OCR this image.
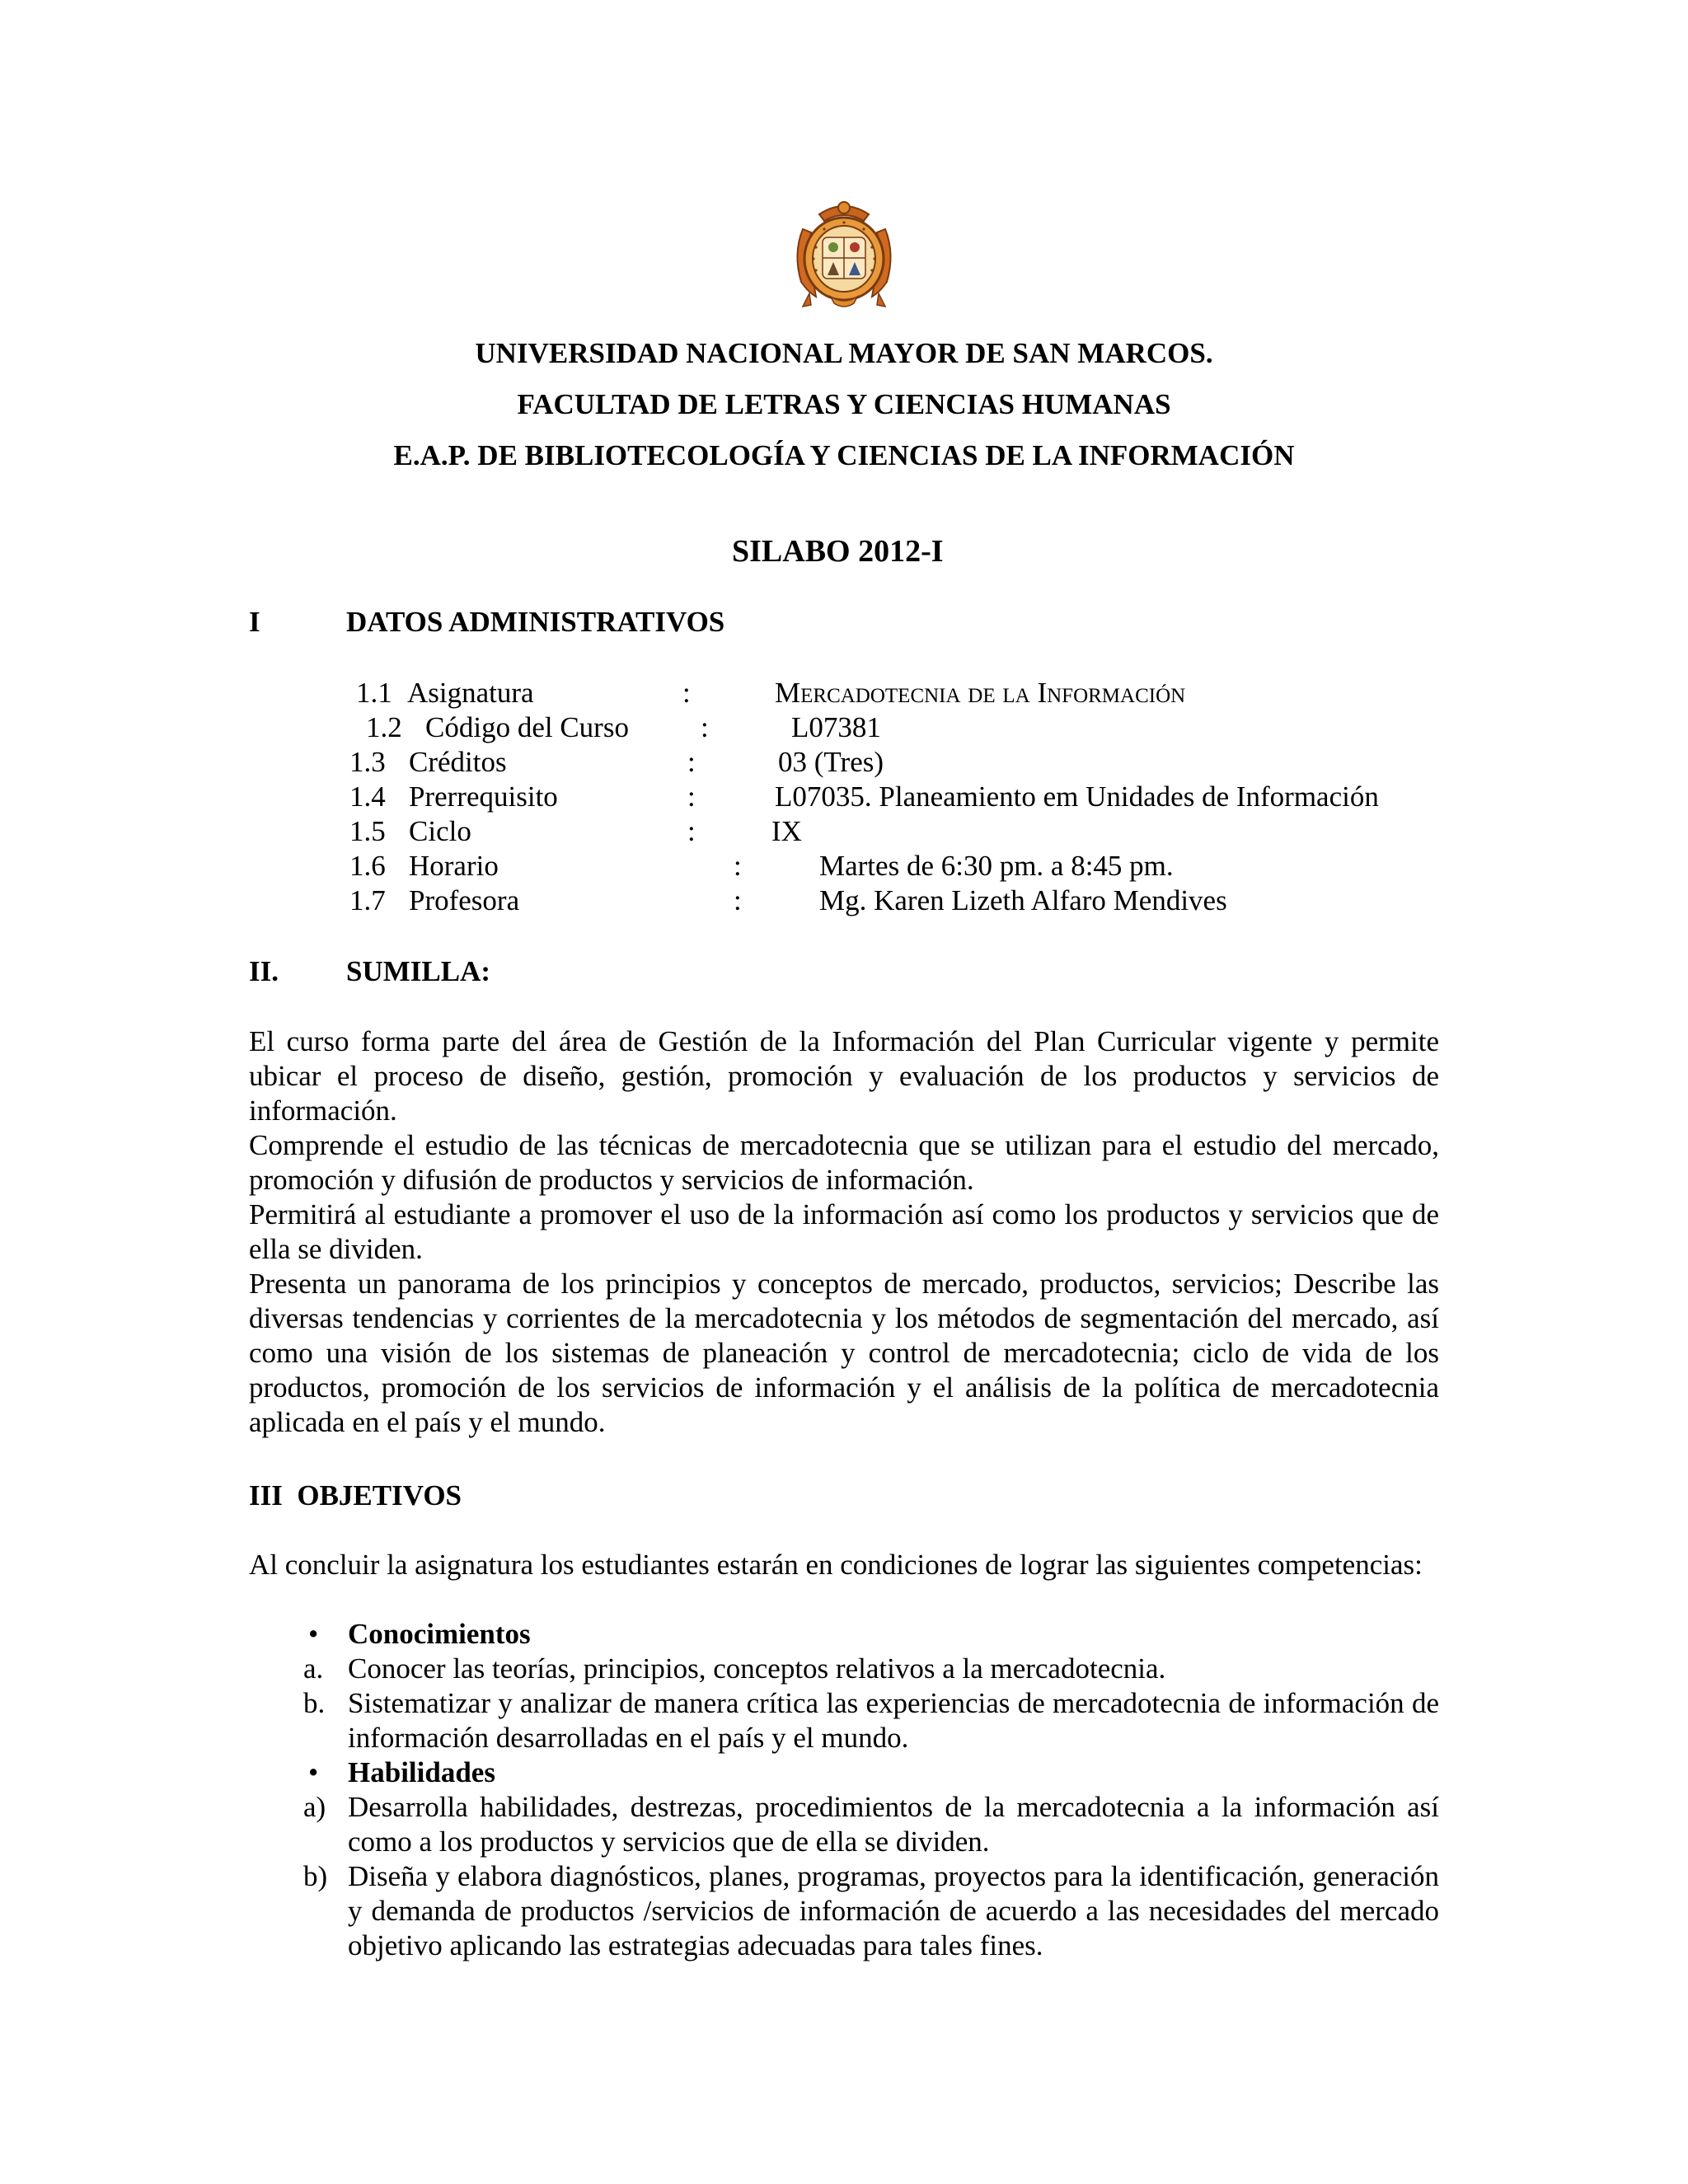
UNIVERSIDAD NACIONAL MAYOR DE SAN MARCOS.
FACULTAD DE LETRAS Y CIENCIAS HUMANAS
E.A.P. DE BIBLIOTECOLOGÍA Y CIENCIAS DE LA INFORMACIÓN
SILABO 2012-I
I	DATOS ADMINISTRATIVOS
1.1 Asignatura	:	Mercadotecnia de la Información
1.2 Código del Curso :	L07381
1.3 Créditos	:	03 (Tres)
1.4 Prerrequisito	:	L07035. Planeamiento em Unidades de Información
1.5 Ciclo	:	IX
1.6 Horario	:	Martes de 6:30 pm. a 8:45 pm.
1.7 Profesora	:	Mg. Karen Lizeth Alfaro Mendives
II. SUMILLA:

El curso forma parte del área de Gestión de la Información del Plan Curricular vigente y permite ubicar el proceso de diseño, gestión, promoción y evaluación de los productos y servicios de información.

Comprende el estudio de las técnicas de mercadotecnia que se utilizan para el estudio del mercado, promoción y difusión de productos y servicios de información.

Permitirá al estudiante a promover el uso de la información así como los productos y servicios que de ella se dividen.

Presenta un panorama de los principios y conceptos de mercado, productos, servicios; Describe las diversas tendencias y corrientes de la mercadotecnia y los métodos de segmentación del mercado, así como una visión de los sistemas de planeación y control de mercadotecnia; ciclo de vida de los productos, promoción de los servicios de información y el análisis de la política de mercadotecnia aplicada en el país y el mundo.

III  OBJETIVOS

Al concluir la asignatura los estudiantes estarán en condiciones de lograr las siguientes competencias:

• Conocimientos
a. Conocer las teorías, principios, conceptos relativos a la mercadotecnia.
b. Sistematizar y analizar de manera crítica las experiencias de mercadotecnia de información de información desarrolladas en el país y el mundo.
• Habilidades
a) Desarrolla habilidades, destrezas, procedimientos de la mercadotecnia a la información así como a los productos y servicios que de ella se dividen.
b) Diseña y elabora diagnósticos, planes, programas, proyectos para la identificación, generación y demanda de productos /servicios de información de acuerdo a las necesidades del mercado objetivo aplicando las estrategias adecuadas para tales fines.
